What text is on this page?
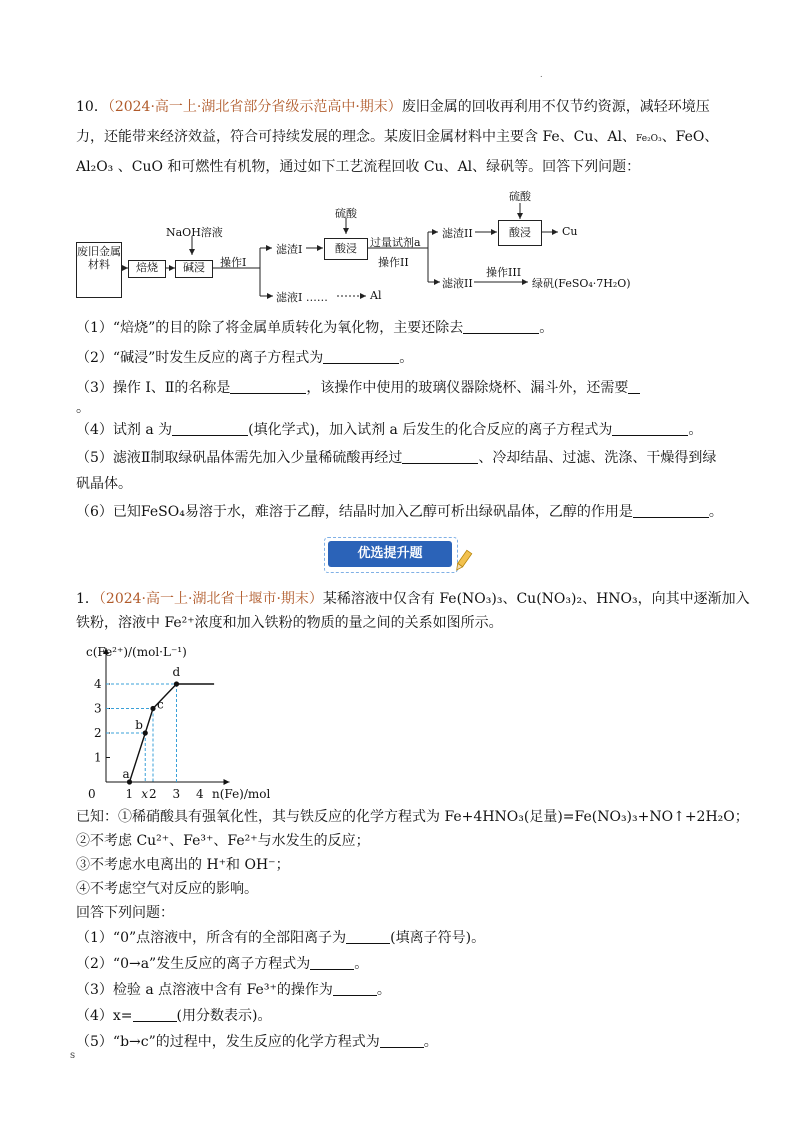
.
10．（2024·高一上·湖北省部分省级示范高中·期末）废旧金属的回收再利用不仅节约资源，减轻环境压
力，还能带来经济效益，符合可持续发展的理念。某废旧金属材料中主要含 Fe、Cu、Al、Fe₂O₃、FeO、
Al₂O₃ 、CuO 和可燃性有机物，通过如下工艺流程回收 Cu、Al、绿矾等。回答下列问题：
废旧金属材料	焙烧	碱浸
NaOH溶液
操作I
滤渣I
滤液I ……	Al
硫酸
酸浸	过量试剂a
操作II
滤渣II
滤液II
硫酸
酸浸	Cu
操作III
绿矾(FeSO₄·7H₂O)
（1）“焙烧”的目的除了将金属单质转化为氧化物，主要还除去	。
（2）“碱浸”时发生反应的离子方程式为	。
（3）操作 Ⅰ、Ⅱ的名称是	，该操作中使用的玻璃仪器除烧杯、漏斗外，还需要
。
（4）试剂 a 为	(填化学式)，加入试剂 a 后发生的化合反应的离子方程式为	。
（5）滤液Ⅱ制取绿矾晶体需先加入少量稀硫酸再经过	、冷却结晶、过滤、洗涤、干燥得到绿
矾晶体。
（6）已知FeSO₄易溶于水，难溶于乙醇，结晶时加入乙醇可析出绿矾晶体，乙醇的作用是	。
优选提升题
1．（2024·高一上·湖北省十堰市·期末）某稀溶液中仅含有 Fe(NO₃)₃、Cu(NO₃)₂、HNO₃，向其中逐渐加入
铁粉，溶液中 Fe²⁺浓度和加入铁粉的物质的量之间的关系如图所示。
1
2
3
4
0 1 x 2 3 4
a
b
c
d
c(Fe²⁺)/(mol·L⁻¹)
n(Fe)/mol
已知：①稀硝酸具有强氧化性，其与铁反应的化学方程式为 Fe+4HNO₃(足量)=Fe(NO₃)₃+NO↑+2H₂O；
②不考虑 Cu²⁺、Fe³⁺、Fe²⁺与水发生的反应；
③不考虑水电离出的 H⁺和 OH⁻；
④不考虑空气对反应的影响。
回答下列问题：
（1）“0”点溶液中，所含有的全部阳离子为	(填离子符号)。
（2）“0→a”发生反应的离子方程式为	。
（3）检验 a 点溶液中含有 Fe³⁺的操作为	。
（4）x=	(用分数表示)。
（5）“b→c”的过程中，发生反应的化学方程式为	。
s
